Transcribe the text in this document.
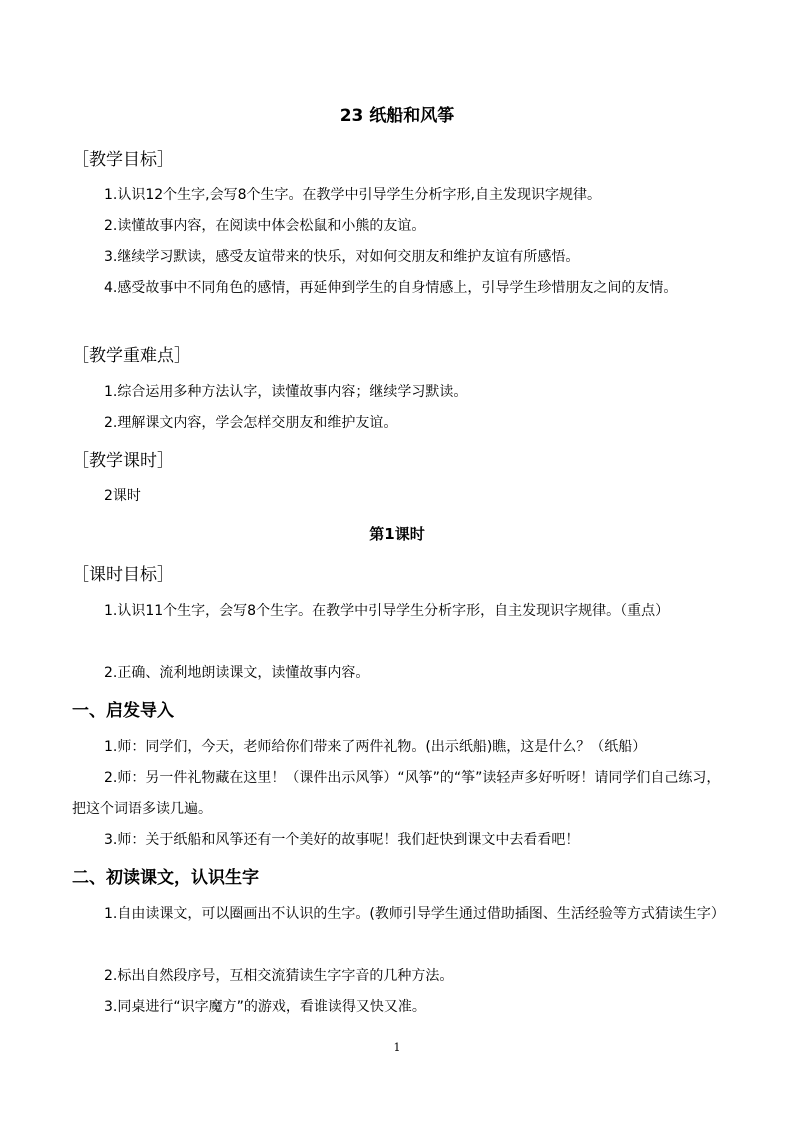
23 纸船和风筝
［教学目标］

1.认识12个生字,会写8个生字。在教学中引导学生分析字形,自主发现识字规律。

2.读懂故事内容，在阅读中体会松鼠和小熊的友谊。

3.继续学习默读，感受友谊带来的快乐，对如何交朋友和维护友谊有所感悟。

4.感受故事中不同角色的感情，再延伸到学生的自身情感上，引导学生珍惜朋友之间的友情。

［教学重难点］

1.综合运用多种方法认字，读懂故事内容；继续学习默读。

2.理解课文内容，学会怎样交朋友和维护友谊。

［教学课时］

2课时

第1课时
［课时目标］

1.认识11个生字，会写8个生字。在教学中引导学生分析字形，自主发现识字规律。（重点）

2.正确、流利地朗读课文，读懂故事内容。

一、启发导入

1.师：同学们，今天，老师给你们带来了两件礼物。(出示纸船)瞧，这是什么？（纸船）

2.师：另一件礼物藏在这里！（课件出示风筝）“风筝”的“筝”读轻声多好听呀！请同学们自己练习，把这个词语多读几遍。

3.师：关于纸船和风筝还有一个美好的故事呢！我们赶快到课文中去看看吧！

二、初读课文，认识生字

1.自由读课文，可以圈画出不认识的生字。(教师引导学生通过借助插图、生活经验等方式猜读生字）

2.标出自然段序号，互相交流猜读生字字音的几种方法。

3.同桌进行“识字魔方”的游戏，看谁读得又快又准。

1
